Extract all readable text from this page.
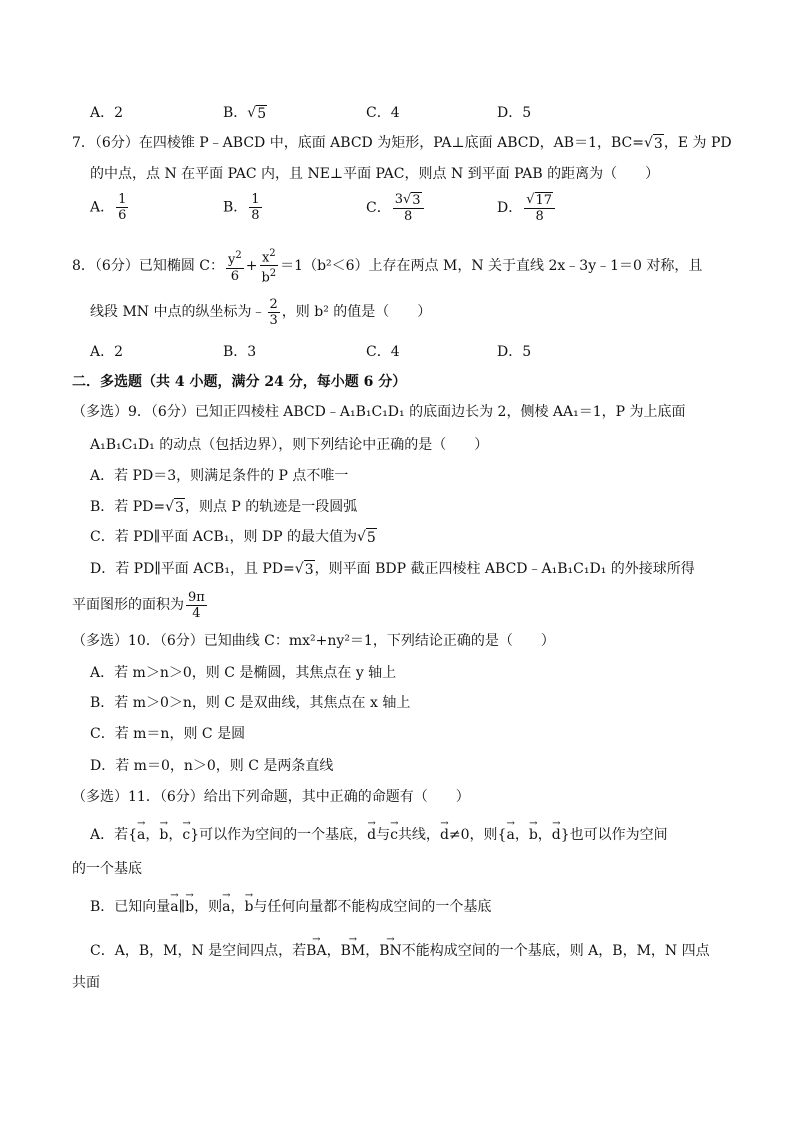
A．2	B．√ 5	C．4	D．5
7．（6分）在四棱锥 P﹣ABCD 中，底面 ABCD 为矩形，PA⊥底面 ABCD，AB＝1，BC=√ 3 ，E 为 PD
的中点，点 N 在平面 PAC 内，且 NE⊥平面 PAC，则点 N 到平面 PAB 的距离为（　　）
A． $\frac{1}{6}$	B． $\frac{1}{8}$	C． $\frac{3√ 3}{8}$	D． $\frac{√ 17}{8}$
8．（6分）已知椭圆 C： $\frac{y^2}{6} + \frac{x^2}{b^2} =1(b^2<6)$上存在两点 M，N 关于直线 2x﹣3y﹣1＝0 对称，且
线段 MN 中点的纵坐标为﹣ $\frac{2}{3}$ ，则 b² 的值是（　　）
A．2	B．3	C．4	D．5
二．多选题（共 4 小题，满分 24 分，每小题 6 分）
（多选）9．（6分）已知正四棱柱 ABCD﹣A₁B₁C₁D₁ 的底面边长为 2，侧棱 AA₁＝1，P 为上底面
A₁B₁C₁D₁ 的动点（包括边界），则下列结论中正确的是（　　）
A．若 PD＝3，则满足条件的 P 点不唯一
B．若 PD=√ 3 ，则点 P 的轨迹是一段圆弧
C．若 PD∥平面 ACB₁，则 DP 的最大值为√ 5
D．若 PD∥平面 ACB₁，且 PD=√ 3 ，则平面 BDP 截正四棱柱 ABCD﹣A₁B₁C₁D₁ 的外接球所得
平面图形的面积为 $\frac{9\pi}{4}$
（多选）10．（6分）已知曲线 C：mx²+ny²＝1，下列结论正确的是（　　）
A．若 m＞n＞0，则 C 是椭圆，其焦点在 y 轴上
B．若 m＞0＞n，则 C 是双曲线，其焦点在 x 轴上
C．若 m＝n，则 C 是圆
D．若 m＝0，n＞0，则 C 是两条直线
（多选）11．（6分）给出下列命题，其中正确的命题有（　　）
A．若{→ a，→ b，→ c}可以作为空间的一个基底，→ d与→ c共线，→ d≠0，则{→ a，→ b，→ d}也可以作为空间
的一个基底
B．已知向量→ a∥→ b，则→ a，→ b与任何向量都不能构成空间的一个基底
C．A，B，M，N 是空间四点，若→ BA，→ BM，→ BN不能构成空间的一个基底，则 A，B，M，N 四点
共面
